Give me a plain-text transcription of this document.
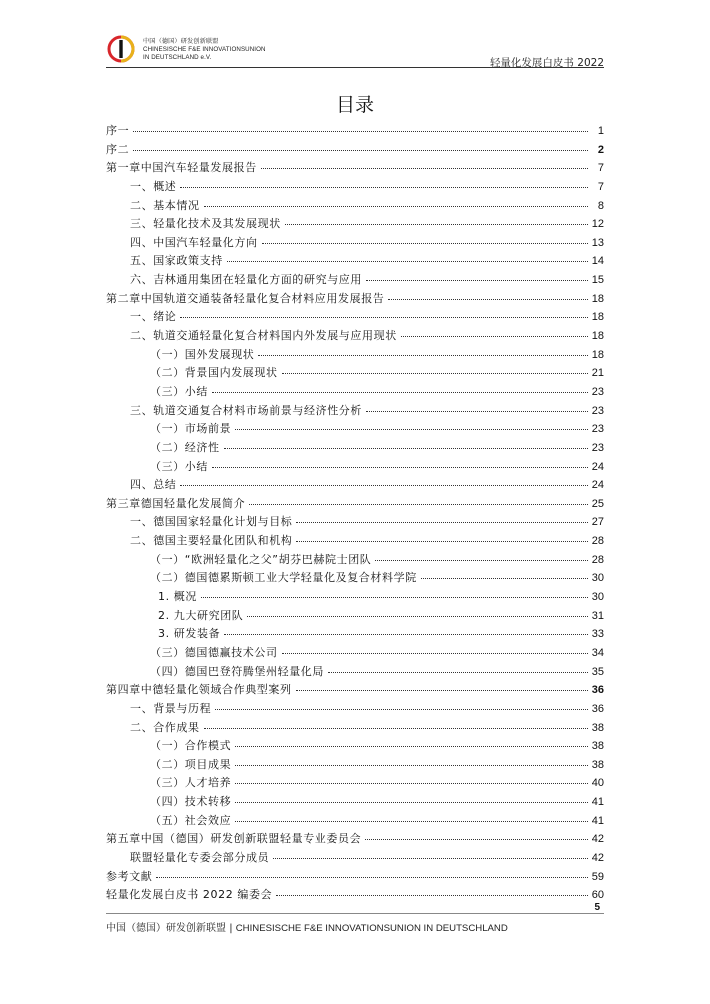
中国（德国）研发创新联盟
CHINESISCHE F&E INNOVATIONSUNION
IN DEUTSCHLAND e.V.	轻量化发展白皮书 2022
目录
序一	1
序二	2
第一章中国汽车轻量发展报告	7
一、概述	7
二、基本情况	8
三、轻量化技术及其发展现状	12
四、中国汽车轻量化方向	13
五、国家政策支持	14
六、吉林通用集团在轻量化方面的研究与应用	15
第二章中国轨道交通装备轻量化复合材料应用发展报告	18
一、绪论	18
二、轨道交通轻量化复合材料国内外发展与应用现状	18
（一）国外发展现状	18
（二）背景国内发展现状	21
（三）小结	23
三、轨道交通复合材料市场前景与经济性分析	23
（一）市场前景	23
（二）经济性	23
（三）小结	24
四、总结	24
第三章德国轻量化发展简介	25
一、德国国家轻量化计划与目标	27
二、德国主要轻量化团队和机构	28
（一）“欧洲轻量化之父”胡芬巴赫院士团队	28
（二）德国德累斯顿工业大学轻量化及复合材料学院	30
1. 概况	30
2. 九大研究团队	31
3. 研发装备	33
（三）德国德赢技术公司	34
（四）德国巴登符腾堡州轻量化局	35
第四章中德轻量化领域合作典型案列	36
一、背景与历程	36
二、合作成果	38
（一）合作模式	38
（二）项目成果	38
（三）人才培养	40
（四）技术转移	41
（五）社会效应	41
第五章中国（德国）研发创新联盟轻量专业委员会	42
联盟轻量化专委会部分成员	42
参考文献	59
轻量化发展白皮书 2022 编委会	60
5
中国（德国）研发创新联盟 | CHINESISCHE F&E INNOVATIONSUNION IN DEUTSCHLAND
